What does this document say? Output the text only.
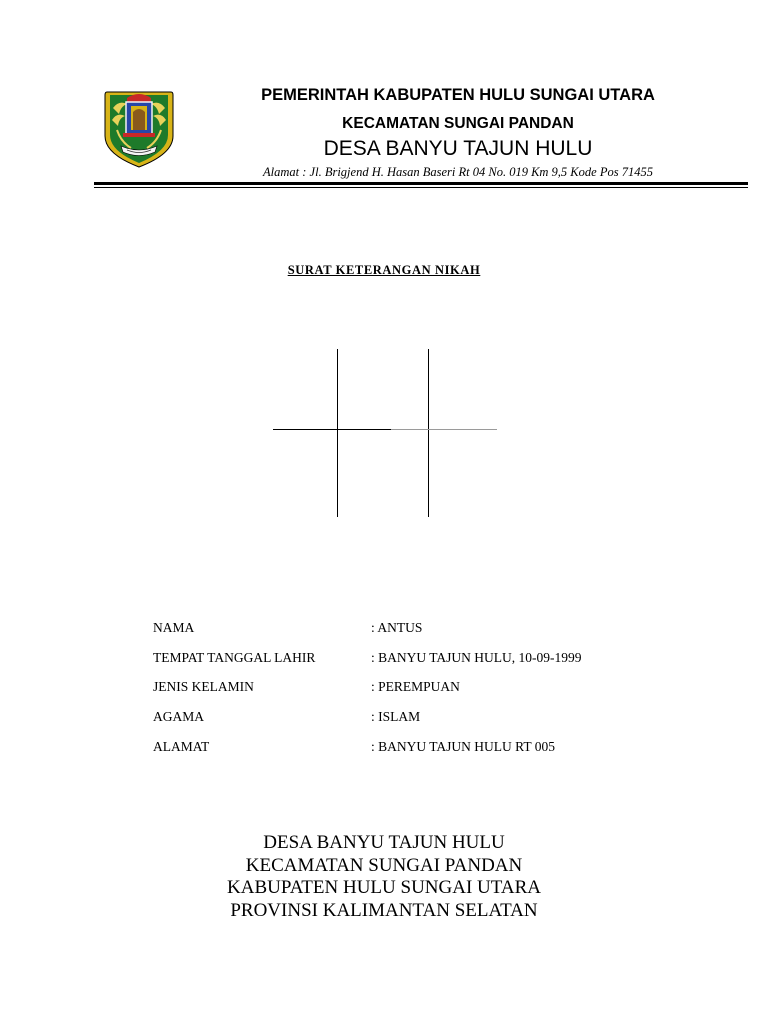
PEMERINTAH KABUPATEN HULU SUNGAI UTARA
KECAMATAN SUNGAI PANDAN
DESA BANYU TAJUN HULU
Alamat : Jl. Brigjend H. Hasan Baseri Rt 04 No. 019 Km 9,5 Kode Pos 71455
SURAT KETERANGAN NIKAH
NAMA	: ANTUS
TEMPAT TANGGAL LAHIR	: BANYU TAJUN HULU, 10-09-1999
JENIS KELAMIN	: PEREMPUAN
AGAMA	: ISLAM
ALAMAT	: BANYU TAJUN HULU RT 005
DESA BANYU TAJUN HULU
KECAMATAN SUNGAI PANDAN
KABUPATEN HULU SUNGAI UTARA
PROVINSI KALIMANTAN SELATAN
